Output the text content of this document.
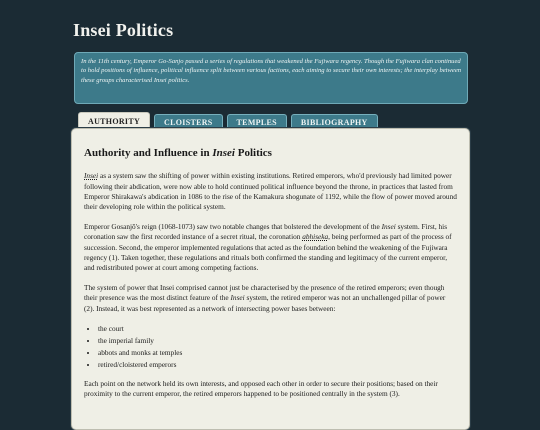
Insei Politics
In the 11th century, Emperor Go-Sanjo passed a series of regulations that weakened the Fujiwara regency. Though the Fujiwara clan continued to hold positions of influence, political influence split between various factions, each aiming to secure their own interests; the interplay between these groups characterised Insei politics.
AUTHORITY	CLOISTERS	TEMPLES	BIBLIOGRAPHY
Authority and Influence in Insei Politics

Insei as a system saw the shifting of power within existing institutions. Retired emperors, who'd previously had limited power following their abdication, were now able to hold continued political influence beyond the throne, in practices that lasted from Emperor Shirakawa's abdication in 1086 to the rise of the Kamakura shogunate of 1192, while the flow of power moved around their developing role within the political system.

Emperor Gosanjō's reign (1068-1073) saw two notable changes that bolstered the development of the Insei system. First, his coronation saw the first recorded instance of a secret ritual, the coronation abhiseka, being performed as part of the process of succession. Second, the emperor implemented regulations that acted as the foundation behind the weakening of the Fujiwara regency (1). Taken together, these regulations and rituals both confirmed the standing and legitimacy of the current emperor, and redistributed power at court among competing factions.

The system of power that Insei comprised cannot just be characterised by the presence of the retired emperors; even though their presence was the most distinct feature of the Insei system, the retired emperor was not an unchallenged pillar of power (2). Instead, it was best represented as a network of intersecting power bases between:

• the court
• the imperial family
• abbots and monks at temples
• retired/cloistered emperors

Each point on the network held its own interests, and opposed each other in order to secure their positions; based on their proximity to the current emperor, the retired emperors happened to be positioned centrally in the system (3).
